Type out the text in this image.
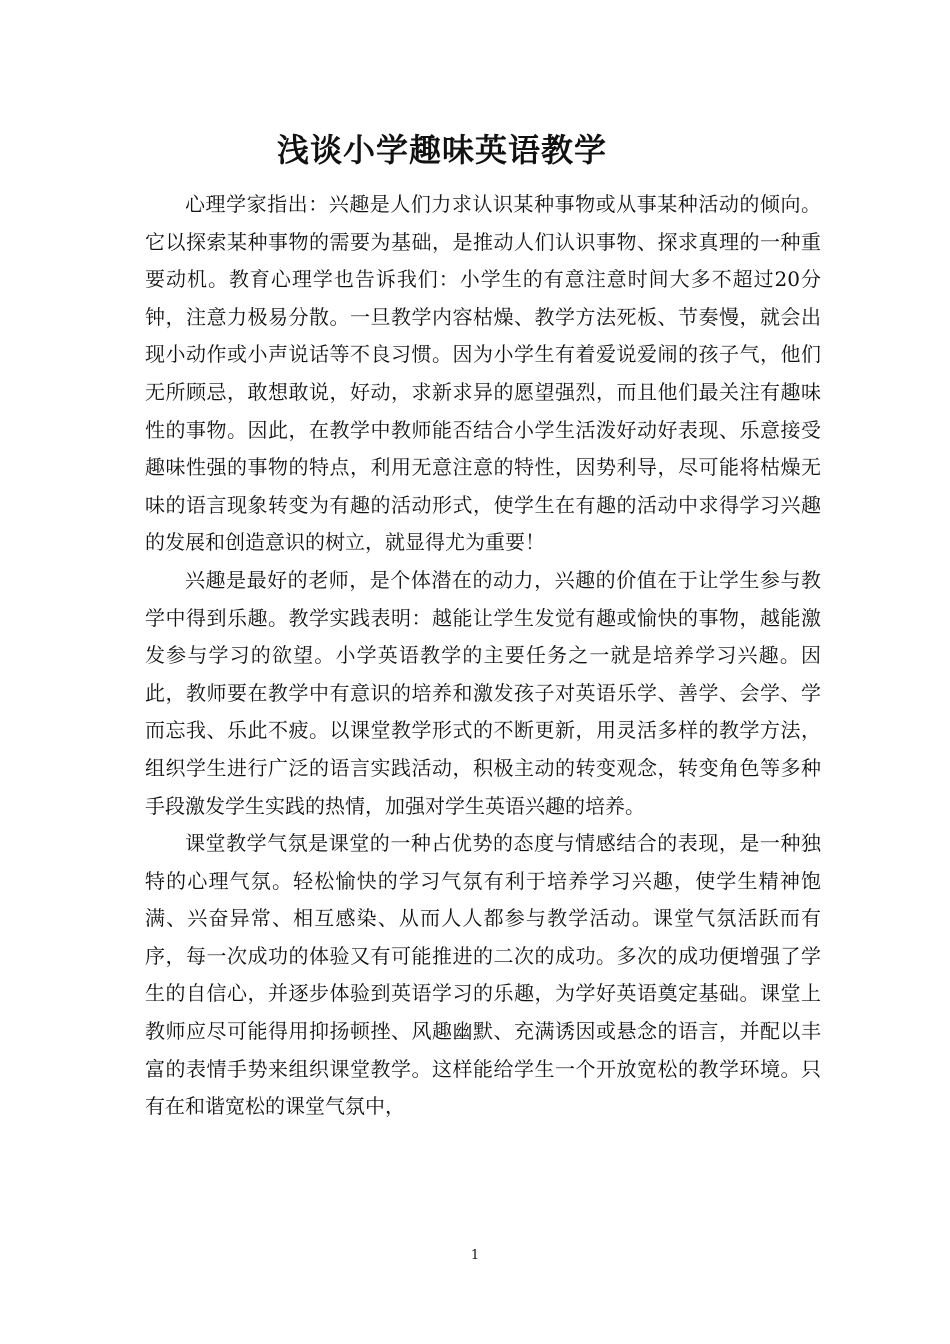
浅谈小学趣味英语教学

心理学家指出：兴趣是人们力求认识某种事物或从事某种活动的倾向。它以探索某种事物的需要为基础，是推动人们认识事物、探求真理的一种重要动机。教育心理学也告诉我们：小学生的有意注意时间大多不超过20分钟，注意力极易分散。一旦教学内容枯燥、教学方法死板、节奏慢，就会出现小动作或小声说话等不良习惯。因为小学生有着爱说爱闹的孩子气，他们无所顾忌，敢想敢说，好动，求新求异的愿望强烈，而且他们最关注有趣味性的事物。因此，在教学中教师能否结合小学生活泼好动好表现、乐意接受趣味性强的事物的特点，利用无意注意的特性，因势利导，尽可能将枯燥无味的语言现象转变为有趣的活动形式，使学生在有趣的活动中求得学习兴趣的发展和创造意识的树立，就显得尤为重要！

兴趣是最好的老师，是个体潜在的动力，兴趣的价值在于让学生参与教学中得到乐趣。教学实践表明：越能让学生发觉有趣或愉快的事物，越能激发参与学习的欲望。小学英语教学的主要任务之一就是培养学习兴趣。因此，教师要在教学中有意识的培养和激发孩子对英语乐学、善学、会学、学而忘我、乐此不疲。以课堂教学形式的不断更新，用灵活多样的教学方法，组织学生进行广泛的语言实践活动，积极主动的转变观念，转变角色等多种手段激发学生实践的热情，加强对学生英语兴趣的培养。

课堂教学气氛是课堂的一种占优势的态度与情感结合的表现，是一种独特的心理气氛。轻松愉快的学习气氛有利于培养学习兴趣，使学生精神饱满、兴奋异常、相互感染、从而人人都参与教学活动。课堂气氛活跃而有序，每一次成功的体验又有可能推进的二次的成功。多次的成功便增强了学生的自信心，并逐步体验到英语学习的乐趣，为学好英语奠定基础。课堂上教师应尽可能得用抑扬顿挫、风趣幽默、充满诱因或悬念的语言，并配以丰富的表情手势来组织课堂教学。这样能给学生一个开放宽松的教学环境。只有在和谐宽松的课堂气氛中，

1
